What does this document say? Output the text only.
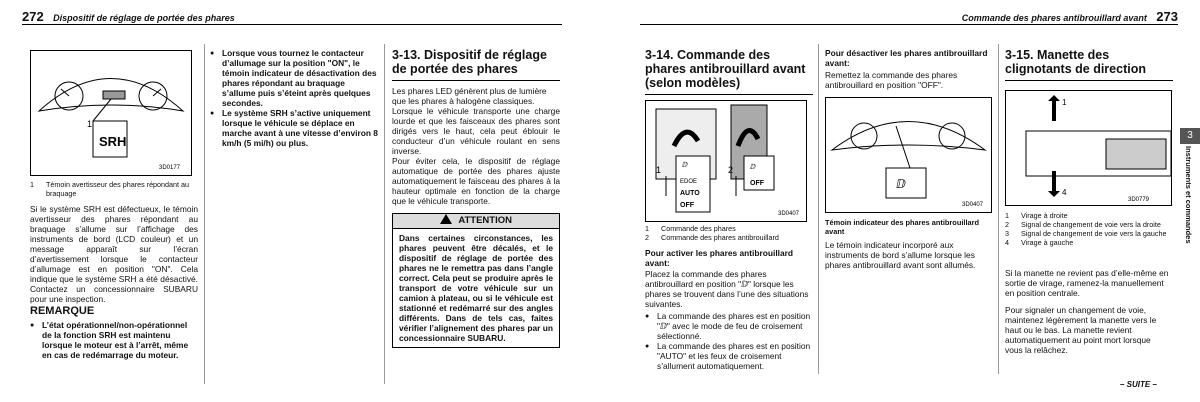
272 Dispositif de réglage de portée des phares
1
SRH
3D0177
1	Témoin avertisseur des phares répondant au braquage
Si le système SRH est défectueux, le témoin avertisseur des phares répondant au braquage s’allume sur l’affichage des instruments de bord (LCD couleur) et un message apparaît sur l’écran d’avertissement lorsque le contacteur d’allumage est en position "ON". Cela indique que le système SRH a été désactivé. Contactez un concessionnaire SUBARU pour une inspection.
REMARQUE
● L’état opérationnel/non-opérationnel de la fonction SRH est maintenu lorsque le moteur est à l’arrêt, même en cas de redémarrage du moteur.
● Lorsque vous tournez le contacteur d’allumage sur la position "ON", le témoin indicateur de désactivation des phares répondant au braquage s’allume puis s’éteint après quelques secondes.
● Le système SRH s’active uniquement lorsque le véhicule se déplace en marche avant à une vitesse d’environ 8 km/h (5 mi/h) ou plus.
3-13. Dispositif de réglage de portée des phares
Les phares LED génèrent plus de lumière que les phares à halogène classiques.
Lorsque le véhicule transporte une charge lourde et que les faisceaux des phares sont dirigés vers le haut, cela peut éblouir le conducteur d’un véhicule roulant en sens inverse.
Pour éviter cela, le dispositif de réglage automatique de portée des phares ajuste automatiquement le faisceau des phares à la hauteur optimale en fonction de la charge que le véhicule transporte.
ATTENTION
Dans certaines circonstances, les phares peuvent être décalés, et le dispositif de réglage de portée des phares ne le remettra pas dans l’angle correct. Cela peut se produire après le transport de votre véhicule sur un camion à plateau, ou si le véhicule est stationné et redémarré sur des angles différents. Dans de tels cas, faites vérifier l’alignement des phares par un concessionnaire SUBARU.
Commande des phares antibrouillard avant 273
3-14. Commande des phares antibrouillard avant (selon modèles)
1	2
ⅅ
EDOE
AUTO
OFF
ⅅ
OFF
3D0407
1	Commande des phares
2	Commande des phares antibrouillard
Pour activer les phares antibrouillard avant:
Placez la commande des phares antibrouillard en position "ⅅ" lorsque les phares se trouvent dans l’une des situations suivantes.
● La commande des phares est en position "ⅅ" avec le mode de feu de croisement sélectionné.
● La commande des phares est en position "AUTO" et les feux de croisement s’allument automatiquement.
Pour désactiver les phares antibrouillard avant:
Remettez la commande des phares antibrouillard en position "OFF".
ⅅ
3D0407
Témoin indicateur des phares antibrouillard avant
Le témoin indicateur incorporé aux instruments de bord s’allume lorsque les phares antibrouillard avant sont allumés.
3-15. Manette des clignotants de direction
1
2
3
4
3D0779
1	Virage à droite
2	Signal de changement de voie vers la droite
3	Signal de changement de voie vers la gauche
4	Virage à gauche
Si la manette ne revient pas d’elle-même en sortie de virage, ramenez-la manuellement en position centrale.
Pour signaler un changement de voie, maintenez légèrement la manette vers le haut ou le bas. La manette revient automatiquement au point mort lorsque vous la relâchez.
3
Instruments et commandes
– SUITE –
